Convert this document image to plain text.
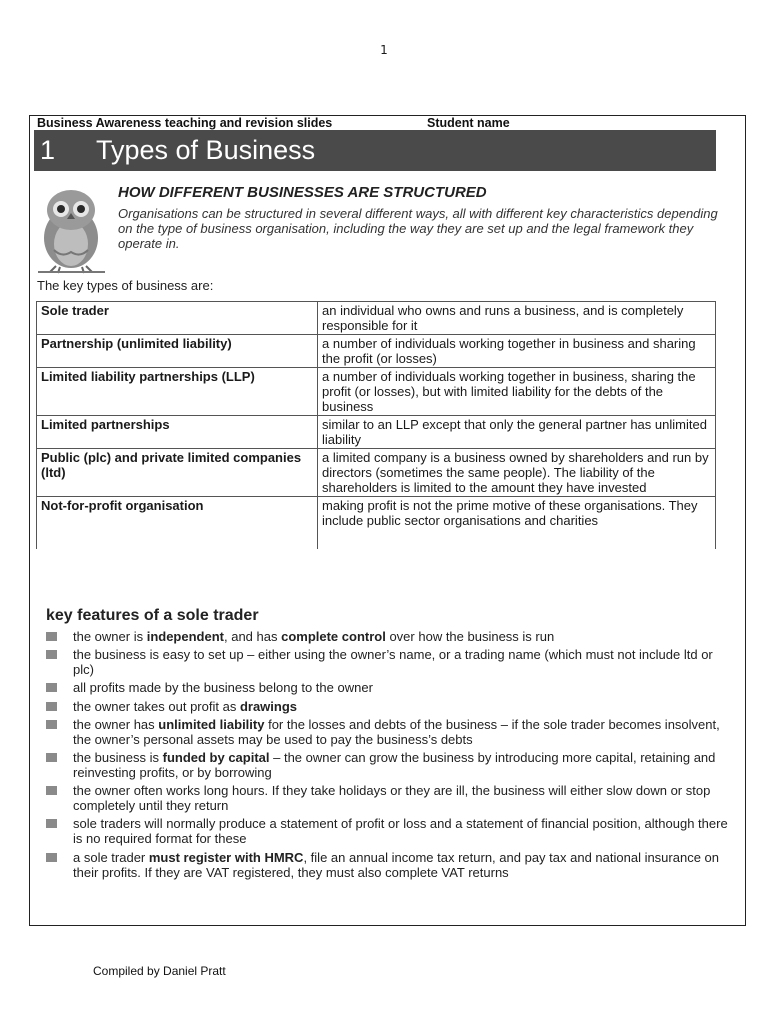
1
Business Awareness teaching and revision slides	Student name
1 Types of Business
HOW DIFFERENT BUSINESSES ARE STRUCTURED
Organisations can be structured in several different ways, all with different key characteristics depending on the type of business organisation, including the way they are set up and the legal framework they operate in.
The key types of business are:
Sole trader	an individual who owns and runs a business, and is completely responsible for it
Partnership (unlimited liability)	a number of individuals working together in business and sharing the profit (or losses)
Limited liability partnerships (LLP)	a number of individuals working together in business, sharing the profit (or losses), but with limited liability for the debts of the business
Limited partnerships	similar to an LLP except that only the general partner has unlimited liability
Public (plc) and private limited companies (ltd)	a limited company is a business owned by shareholders and run by directors (sometimes the same people). The liability of the shareholders is limited to the amount they have invested
Not-for-profit organisation	making profit is not the prime motive of these organisations. They include public sector organisations and charities
key features of a sole trader
the owner is independent, and has complete control over how the business is run
the business is easy to set up – either using the owner’s name, or a trading name (which must not include ltd or plc)
all profits made by the business belong to the owner
the owner takes out profit as drawings
the owner has unlimited liability for the losses and debts of the business – if the sole trader becomes insolvent, the owner’s personal assets may be used to pay the business’s debts
the business is funded by capital – the owner can grow the business by introducing more capital, retaining and reinvesting profits, or by borrowing
the owner often works long hours. If they take holidays or they are ill, the business will either slow down or stop completely until they return
sole traders will normally produce a statement of profit or loss and a statement of financial position, although there is no required format for these
a sole trader must register with HMRC, file an annual income tax return, and pay tax and national insurance on their profits. If they are VAT registered, they must also complete VAT returns
Compiled by Daniel Pratt
